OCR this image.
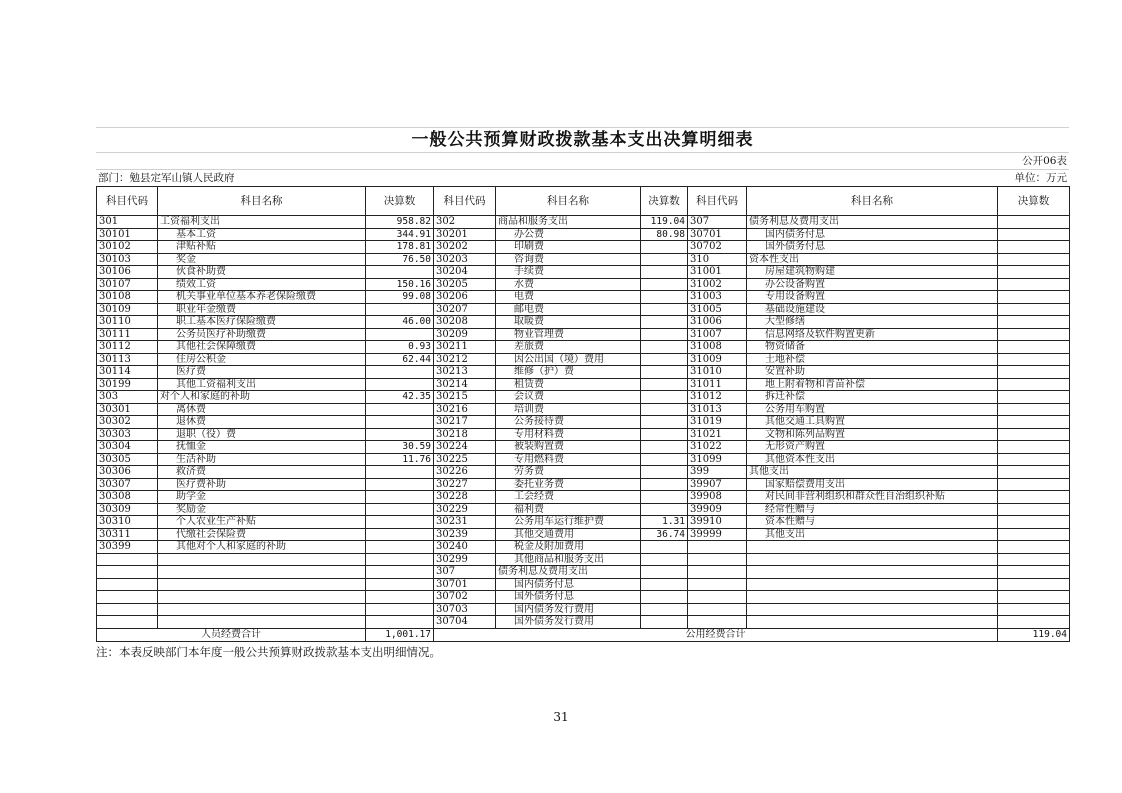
一般公共预算财政拨款基本支出决算明细表
公开06表
部门：勉县定军山镇人民政府	单位：万元
科目代码	科目名称	决算数	科目代码	科目名称	决算数	科目代码	科目名称	决算数
301	工资福利支出	958.82	302	商品和服务支出	119.04	307	债务利息及费用支出	
30101	基本工资	344.91	30201	办公费	80.98	30701	国内债务付息	
30102	津贴补贴	178.81	30202	印刷费		30702	国外债务付息	
30103	奖金	76.50	30203	咨询费		310	资本性支出	
30106	伙食补助费		30204	手续费		31001	房屋建筑物购建	
30107	绩效工资	150.16	30205	水费		31002	办公设备购置	
30108	机关事业单位基本养老保险缴费	99.08	30206	电费		31003	专用设备购置	
30109	职业年金缴费		30207	邮电费		31005	基础设施建设	
30110	职工基本医疗保险缴费	46.00	30208	取暖费		31006	大型修缮	
30111	公务员医疗补助缴费		30209	物业管理费		31007	信息网络及软件购置更新	
30112	其他社会保障缴费	0.93	30211	差旅费		31008	物资储备	
30113	住房公积金	62.44	30212	因公出国（境）费用		31009	土地补偿	
30114	医疗费		30213	维修（护）费		31010	安置补助	
30199	其他工资福利支出		30214	租赁费		31011	地上附着物和青苗补偿	
303	对个人和家庭的补助	42.35	30215	会议费		31012	拆迁补偿	
30301	离休费		30216	培训费		31013	公务用车购置	
30302	退休费		30217	公务接待费		31019	其他交通工具购置	
30303	退职（役）费		30218	专用材料费		31021	文物和陈列品购置	
30304	抚恤金	30.59	30224	被装购置费		31022	无形资产购置	
30305	生活补助	11.76	30225	专用燃料费		31099	其他资本性支出	
30306	救济费		30226	劳务费		399	其他支出	
30307	医疗费补助		30227	委托业务费		39907	国家赔偿费用支出	
30308	助学金		30228	工会经费		39908	对民间非营利组织和群众性自治组织补贴	
30309	奖励金		30229	福利费		39909	经常性赠与	
30310	个人农业生产补贴		30231	公务用车运行维护费	1.31	39910	资本性赠与	
30311	代缴社会保险费		30239	其他交通费用	36.74	39999	其他支出	
30399	其他对个人和家庭的补助		30240	税金及附加费用				
			30299	其他商品和服务支出				
			307	债务利息及费用支出				
			30701	国内债务付息				
			30702	国外债务付息				
			30703	国内债务发行费用				
			30704	国外债务发行费用				
人员经费合计		1,001.17	公用经费合计					119.04
注：本表反映部门本年度一般公共预算财政拨款基本支出明细情况。
31
